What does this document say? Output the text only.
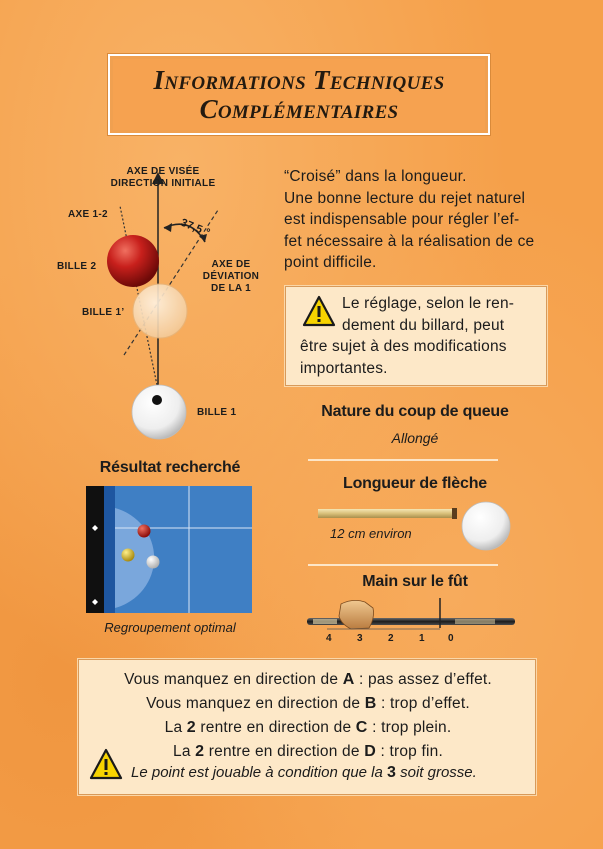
Informations Techniques
Complémentaires
AXE DE VISÉE
DIRECTION INITIALE
AXE 1-2
37,5 °
AXE DE
DÉVIATION
DE LA 1
BILLE 2
BILLE 1’
BILLE 1
“Croisé” dans la longueur.
Une bonne lecture du rejet naturel
est indispensable pour régler l’ef-
fet nécessaire à la réalisation de ce
point difficile.
Le réglage, selon le ren-
dement du billard, peut
être sujet à des modifications
importantes.
Nature du coup de queue
Allongé
Longueur de flèche
12 cm environ
Main sur le fût
4	3	2	1 0
Résultat recherché
Regroupement optimal
Vous manquez en direction de A : pas assez d’effet.
Vous manquez en direction de B : trop d’effet.
La 2 rentre en direction de C : trop plein.
La 2 rentre en direction de D : trop fin.
Le point est jouable à condition que la 3 soit grosse.
